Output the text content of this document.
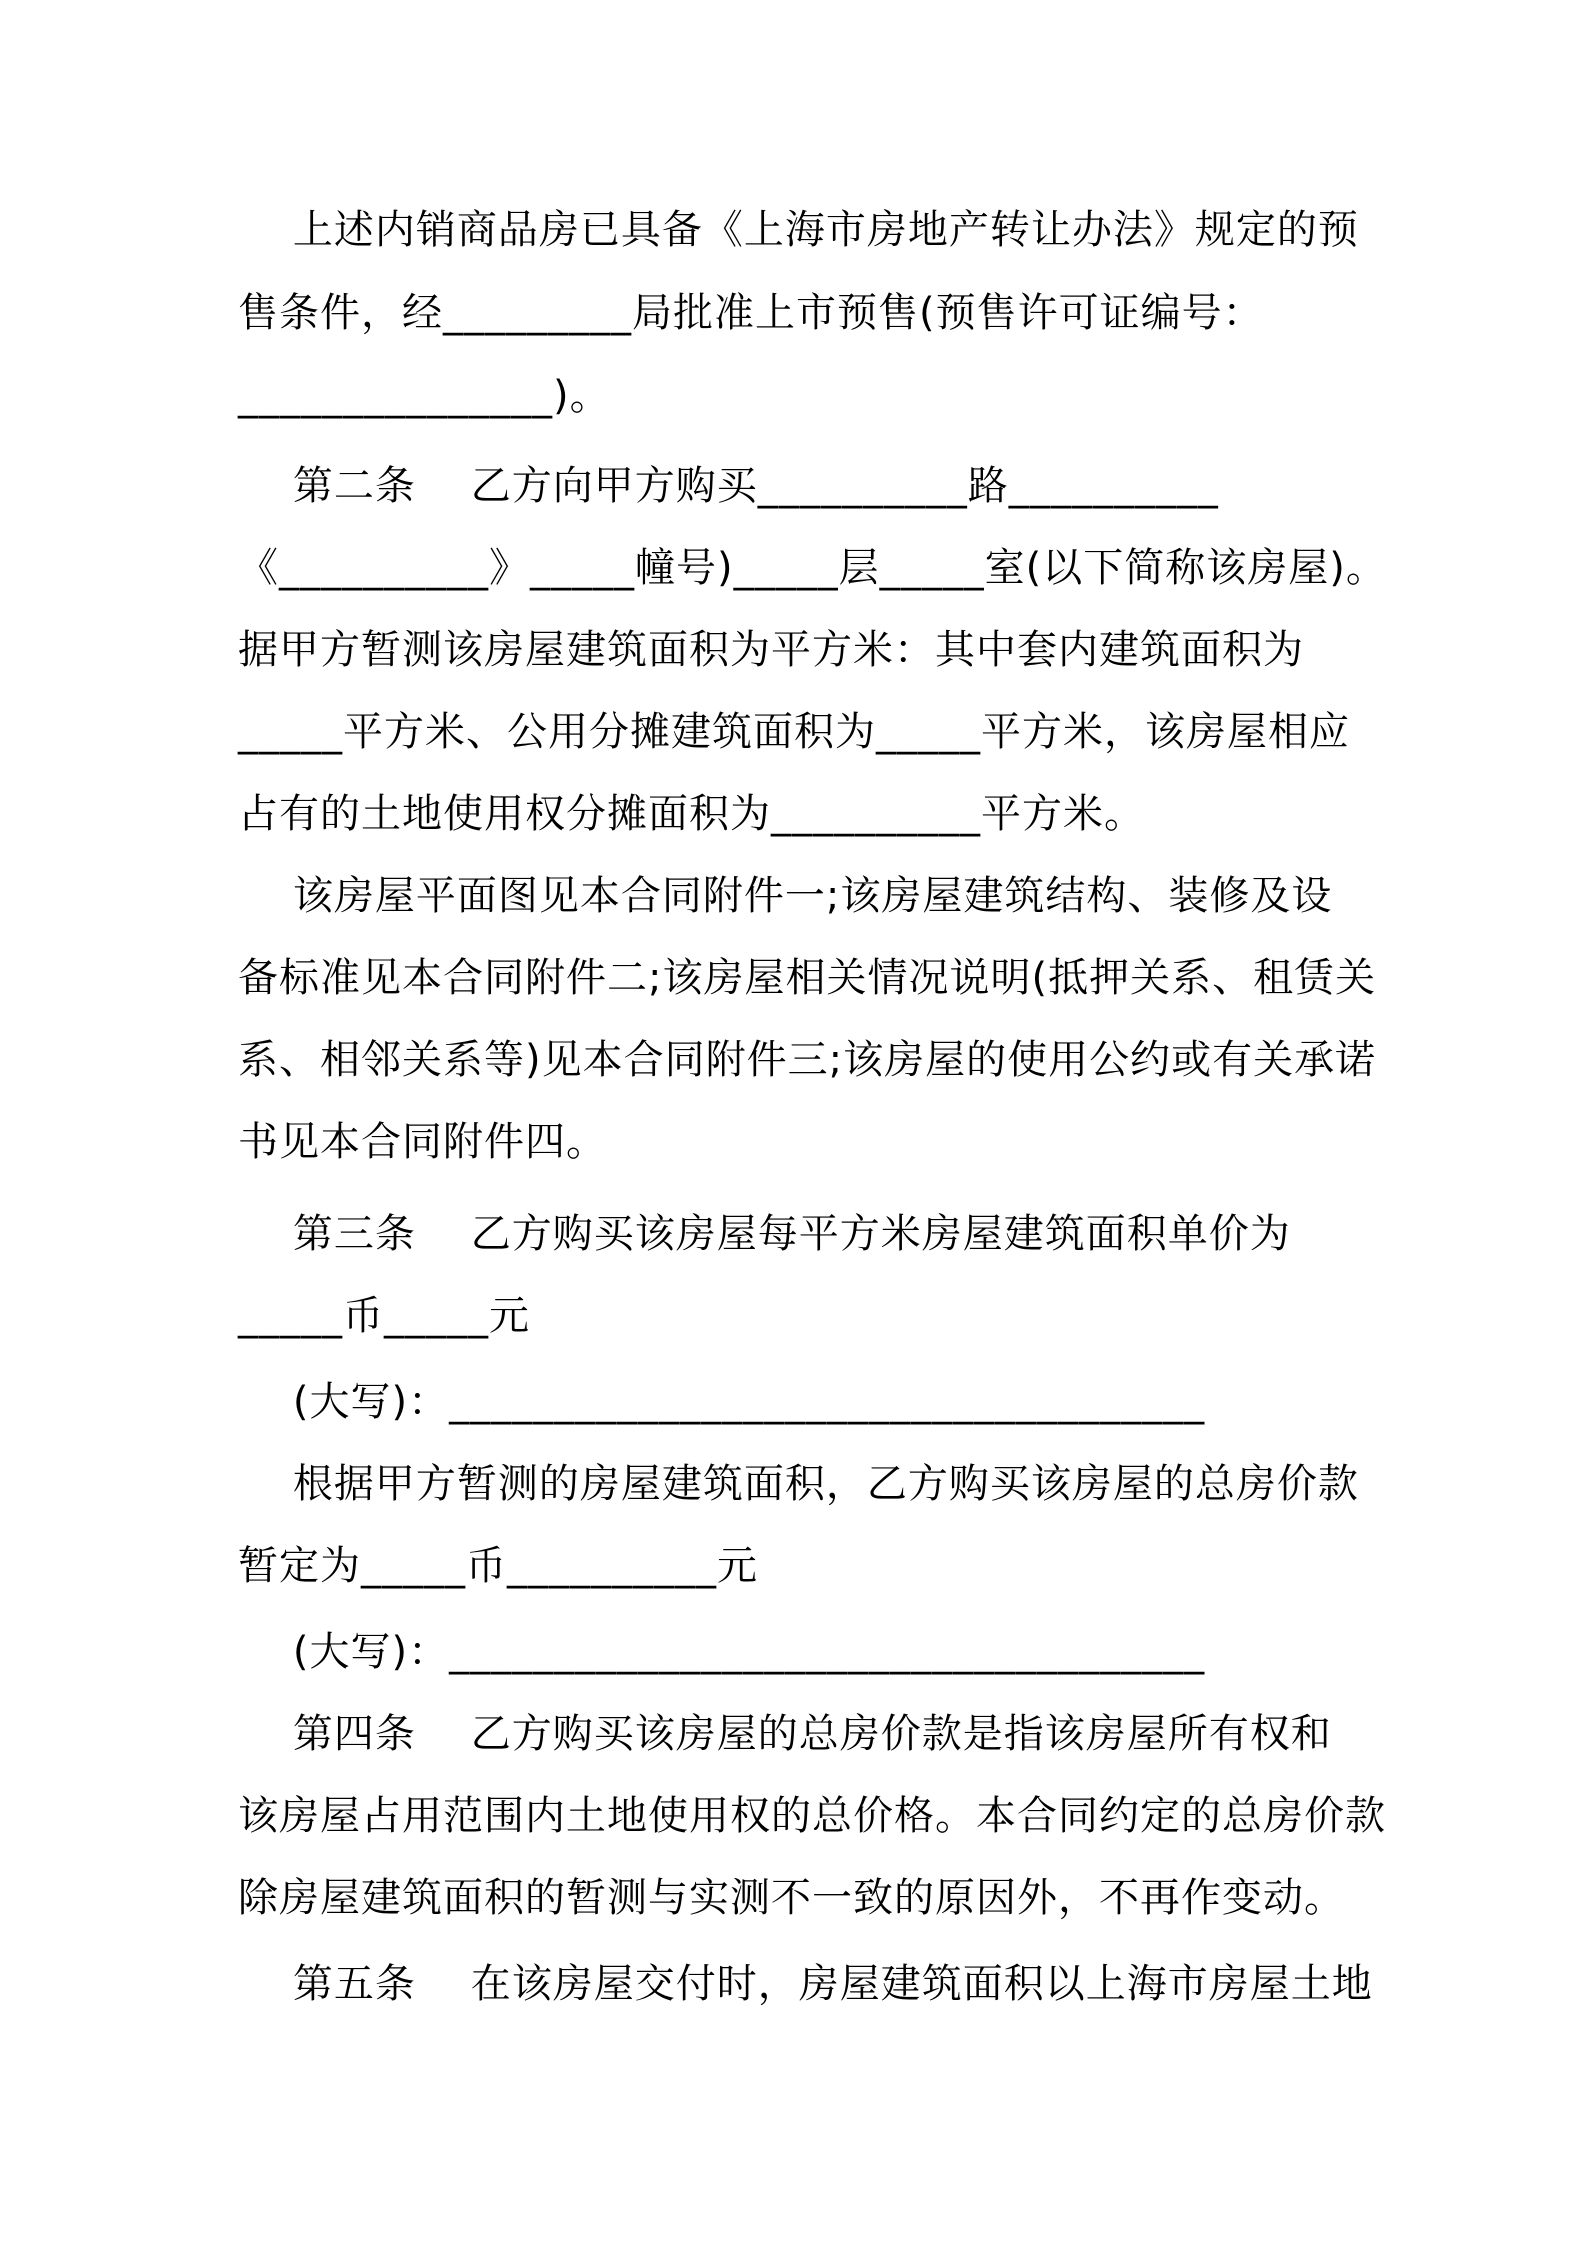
上述内销商品房已具备《上海市房地产转让办法》规定的预
售条件，经_________局批准上市预售(预售许可证编号：
_______________)。
第二条    乙方向甲方购买__________路__________
《__________》_____幢号)_____层_____室(以下简称该房屋)。
据甲方暂测该房屋建筑面积为平方米：其中套内建筑面积为
_____平方米、公用分摊建筑面积为_____平方米，该房屋相应
占有的土地使用权分摊面积为__________平方米。
该房屋平面图见本合同附件一;该房屋建筑结构、装修及设
备标准见本合同附件二;该房屋相关情况说明(抵押关系、租赁关
系、相邻关系等)见本合同附件三;该房屋的使用公约或有关承诺
书见本合同附件四。
第三条    乙方购买该房屋每平方米房屋建筑面积单价为
_____币_____元
(大写)：____________________________________
根据甲方暂测的房屋建筑面积，乙方购买该房屋的总房价款
暂定为_____币__________元
(大写)：____________________________________
第四条    乙方购买该房屋的总房价款是指该房屋所有权和
该房屋占用范围内土地使用权的总价格。本合同约定的总房价款
除房屋建筑面积的暂测与实测不一致的原因外，不再作变动。
第五条    在该房屋交付时，房屋建筑面积以上海市房屋土地
